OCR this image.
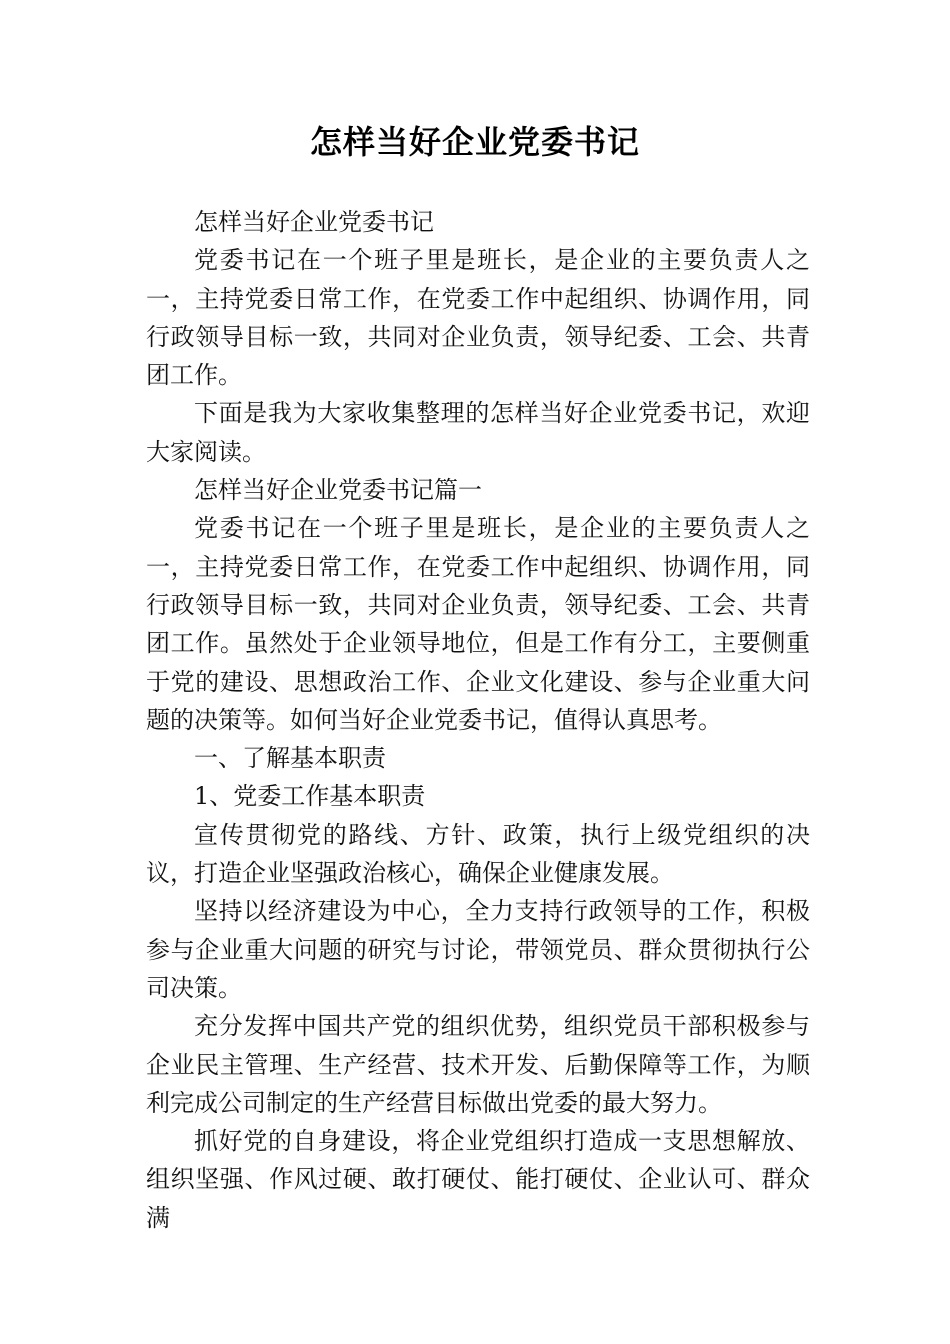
怎样当好企业党委书记

怎样当好企业党委书记

党委书记在一个班子里是班长，是企业的主要负责人之一，主持党委日常工作，在党委工作中起组织、协调作用，同行政领导目标一致，共同对企业负责，领导纪委、工会、共青团工作。

下面是我为大家收集整理的怎样当好企业党委书记，欢迎大家阅读。

怎样当好企业党委书记篇一

党委书记在一个班子里是班长，是企业的主要负责人之一，主持党委日常工作，在党委工作中起组织、协调作用，同行政领导目标一致，共同对企业负责，领导纪委、工会、共青团工作。虽然处于企业领导地位，但是工作有分工，主要侧重于党的建设、思想政治工作、企业文化建设、参与企业重大问题的决策等。如何当好企业党委书记，值得认真思考。

一、了解基本职责

1、党委工作基本职责

宣传贯彻党的路线、方针、政策，执行上级党组织的决议，打造企业坚强政治核心，确保企业健康发展。

坚持以经济建设为中心，全力支持行政领导的工作，积极参与企业重大问题的研究与讨论，带领党员、群众贯彻执行公司决策。

充分发挥中国共产党的组织优势，组织党员干部积极参与企业民主管理、生产经营、技术开发、后勤保障等工作，为顺利完成公司制定的生产经营目标做出党委的最大努力。

抓好党的自身建设，将企业党组织打造成一支思想解放、组织坚强、作风过硬、敢打硬仗、能打硬仗、企业认可、群众满
